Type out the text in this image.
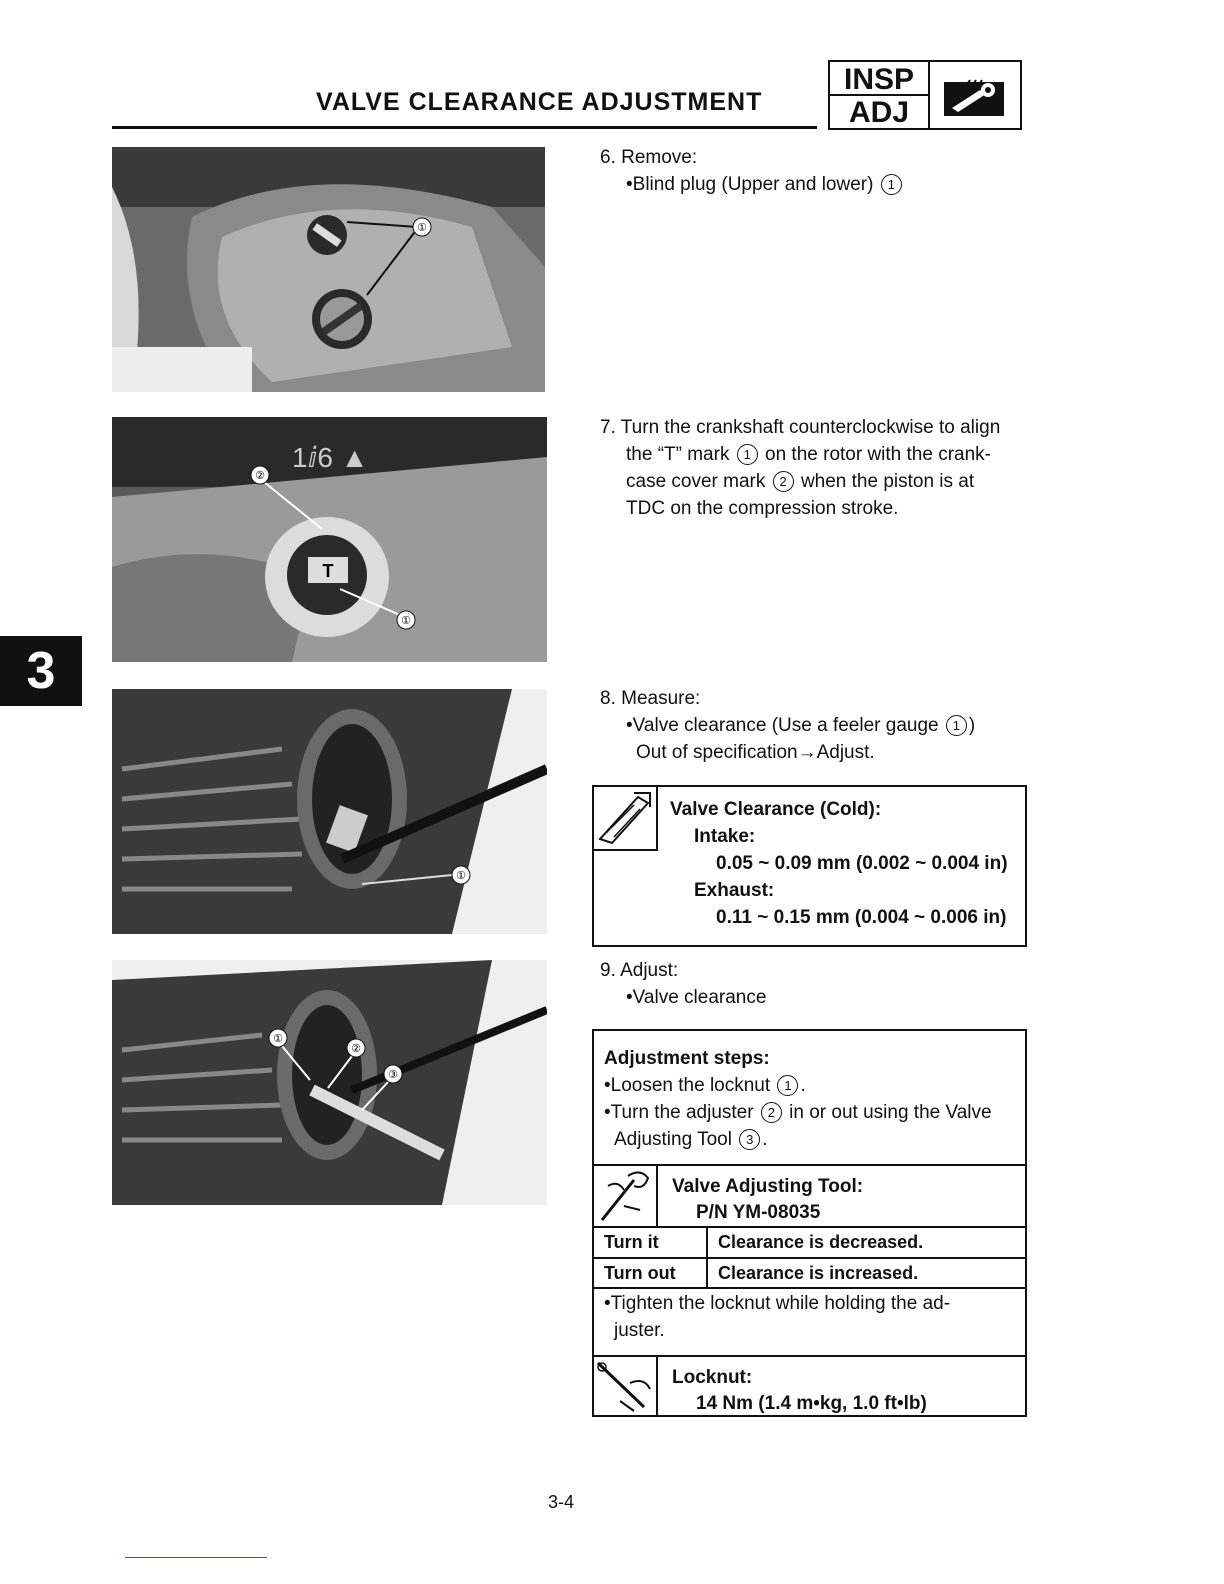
VALVE CLEARANCE ADJUSTMENT
INSP
ADJ
3
①
T
1ⅈ6 ▲
②
①
①
①
②
③
6. Remove:
•Blind plug (Upper and lower) 1
7. Turn the crankshaft counterclockwise to align
the “T” mark 1 on the rotor with the crank-
case cover mark 2 when the piston is at
TDC on the compression stroke.
8. Measure:
•Valve clearance (Use a feeler gauge 1 )
Out of specification→Adjust.
Valve Clearance (Cold):
Intake:
0.05 ~ 0.09 mm (0.002 ~ 0.004 in)
Exhaust:
0.11 ~ 0.15 mm (0.004 ~ 0.006 in)
9. Adjust:
•Valve clearance
Adjustment steps:
•Loosen the locknut 1 .
•Turn the adjuster 2 in or out using the Valve
Adjusting Tool 3 .
Valve Adjusting Tool:
P/N YM-08035
Turn it	Clearance is decreased.
Turn out	Clearance is increased.
•Tighten the locknut while holding the ad-
juster.
Locknut:
14 Nm (1.4 m•kg, 1.0 ft•lb)
3-4
